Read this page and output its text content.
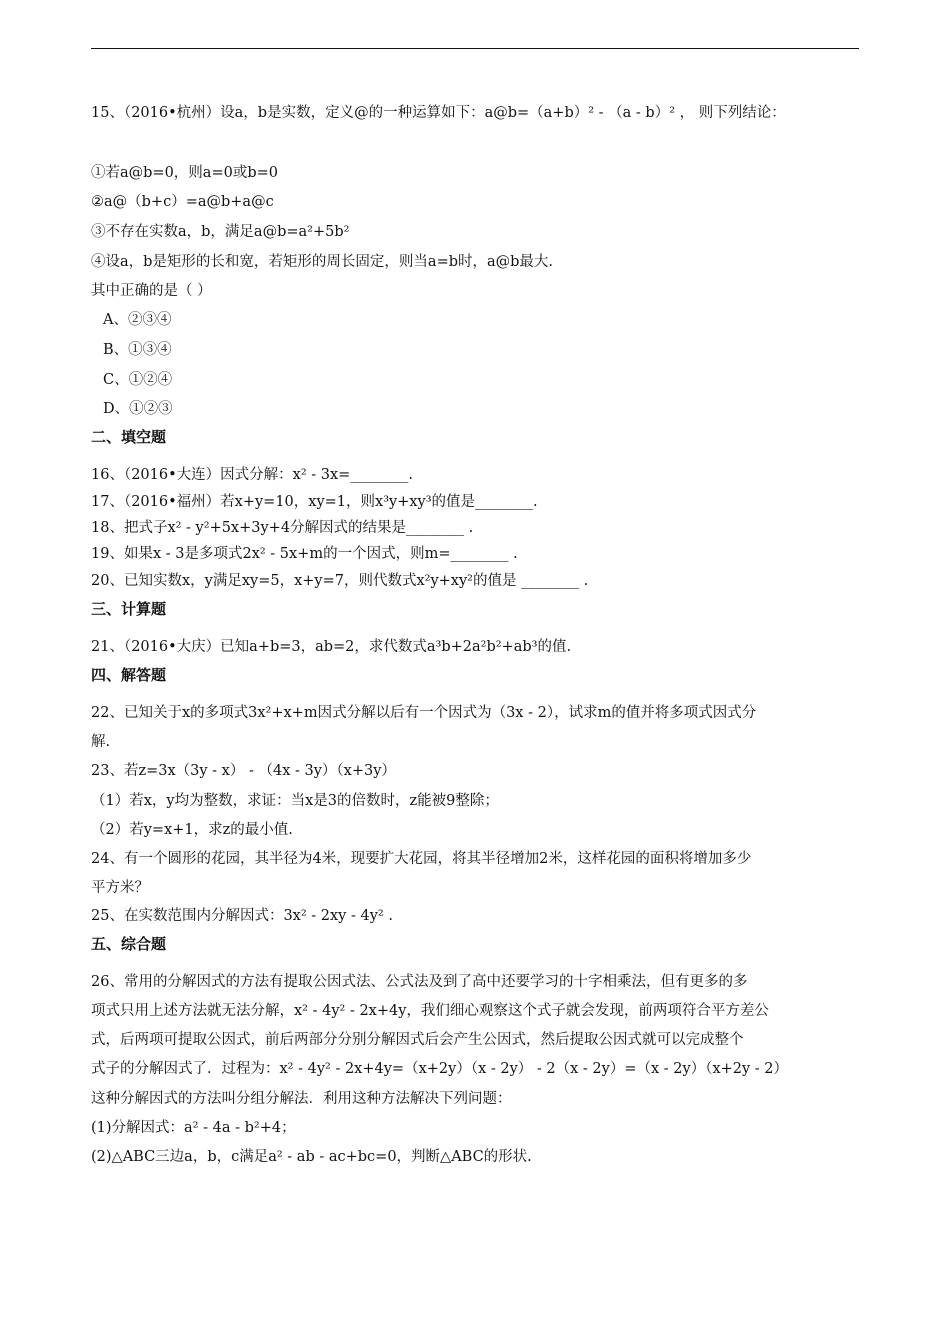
15、（2016•杭州）设a，b是实数，定义@的一种运算如下：a@b=（a+b）² - （a - b）² ， 则下列结论：
①若a@b=0，则a=0或b=0
②a@（b+c）=a@b+a@c
③不存在实数a，b，满足a@b=a²+5b²
④设a，b是矩形的长和宽，若矩形的周长固定，则当a=b时，a@b最大.
其中正确的是（ ）
A、②③④
B、①③④
C、①②④
D、①②③
二、填空题
16、（2016•大连）因式分解：x² - 3x=________.
17、（2016•福州）若x+y=10，xy=1，则x³y+xy³的值是________.
18、把式子x² - y²+5x+3y+4分解因式的结果是________ .
19、如果x - 3是多项式2x² - 5x+m的一个因式，则m=________ .
20、已知实数x，y满足xy=5，x+y=7，则代数式x²y+xy²的值是 ________ .
三、计算题
21、（2016•大庆）已知a+b=3，ab=2，求代数式a³b+2a²b²+ab³的值.
四、解答题
22、已知关于x的多项式3x²+x+m因式分解以后有一个因式为（3x - 2），试求m的值并将多项式因式分
解.
23、若z=3x（3y - x） - （4x - 3y）（x+3y）
（1）若x，y均为整数，求证：当x是3的倍数时，z能被9整除；
（2）若y=x+1，求z的最小值.
24、有一个圆形的花园，其半径为4米，现要扩大花园，将其半径增加2米，这样花园的面积将增加多少
平方米？
25、在实数范围内分解因式：3x² - 2xy - 4y² .
五、综合题
26、常用的分解因式的方法有提取公因式法、公式法及到了高中还要学习的十字相乘法，但有更多的多
项式只用上述方法就无法分解，x² - 4y² - 2x+4y，我们细心观察这个式子就会发现，前两项符合平方差公
式，后两项可提取公因式，前后两部分分别分解因式后会产生公因式，然后提取公因式就可以完成整个
式子的分解因式了．过程为：x² - 4y² - 2x+4y=（x+2y）（x - 2y） - 2（x - 2y）=（x - 2y）（x+2y - 2）
这种分解因式的方法叫分组分解法．利用这种方法解决下列问题：
(1)分解因式：a² - 4a - b²+4；
(2)△ABC三边a，b，c满足a² - ab - ac+bc=0，判断△ABC的形状.
